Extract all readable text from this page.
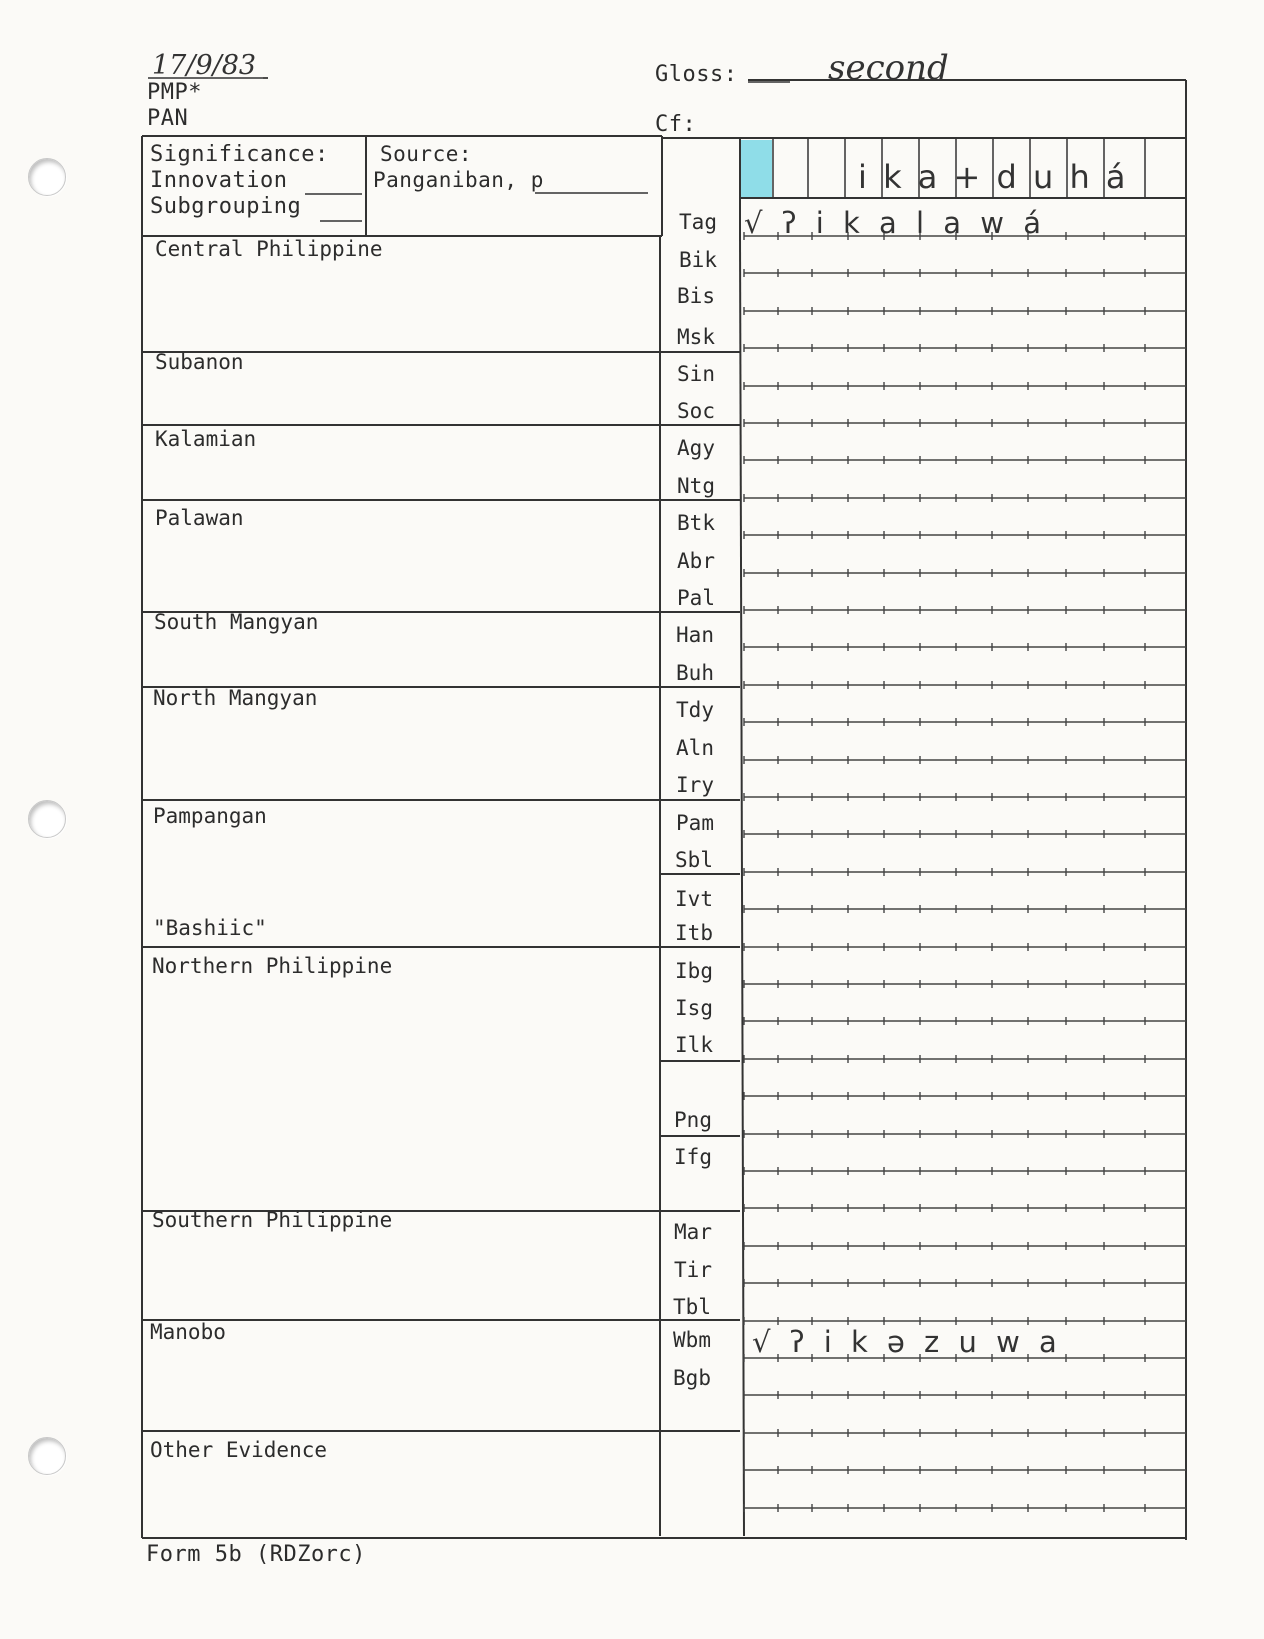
17/9/83
PMP*
PAN
Gloss:	second
Cf:
Significance:
Innovation
Subgrouping
Source:
Panganiban, p	i k a + d u h á
Central Philippine
Subanon
Kalamian
Palawan
South Mangyan
North Mangyan
Pampangan
"Bashiic"
Northern Philippine
Southern Philippine
Manobo
Other Evidence
Tag
Bik
Bis
Msk
Sin
Soc
Agy
Ntg
Btk
Abr
Pal
Han
Buh
Tdy
Aln
Iry
Pam
Sbl
Ivt
Itb
Ibg
Isg
Ilk
Png
Ifg
Mar
Tir
Tbl
Wbm
Bgb
√ ʔ i k a l a w á
√ ʔ i k ə z u w a
Form 5b (RDZorc)
